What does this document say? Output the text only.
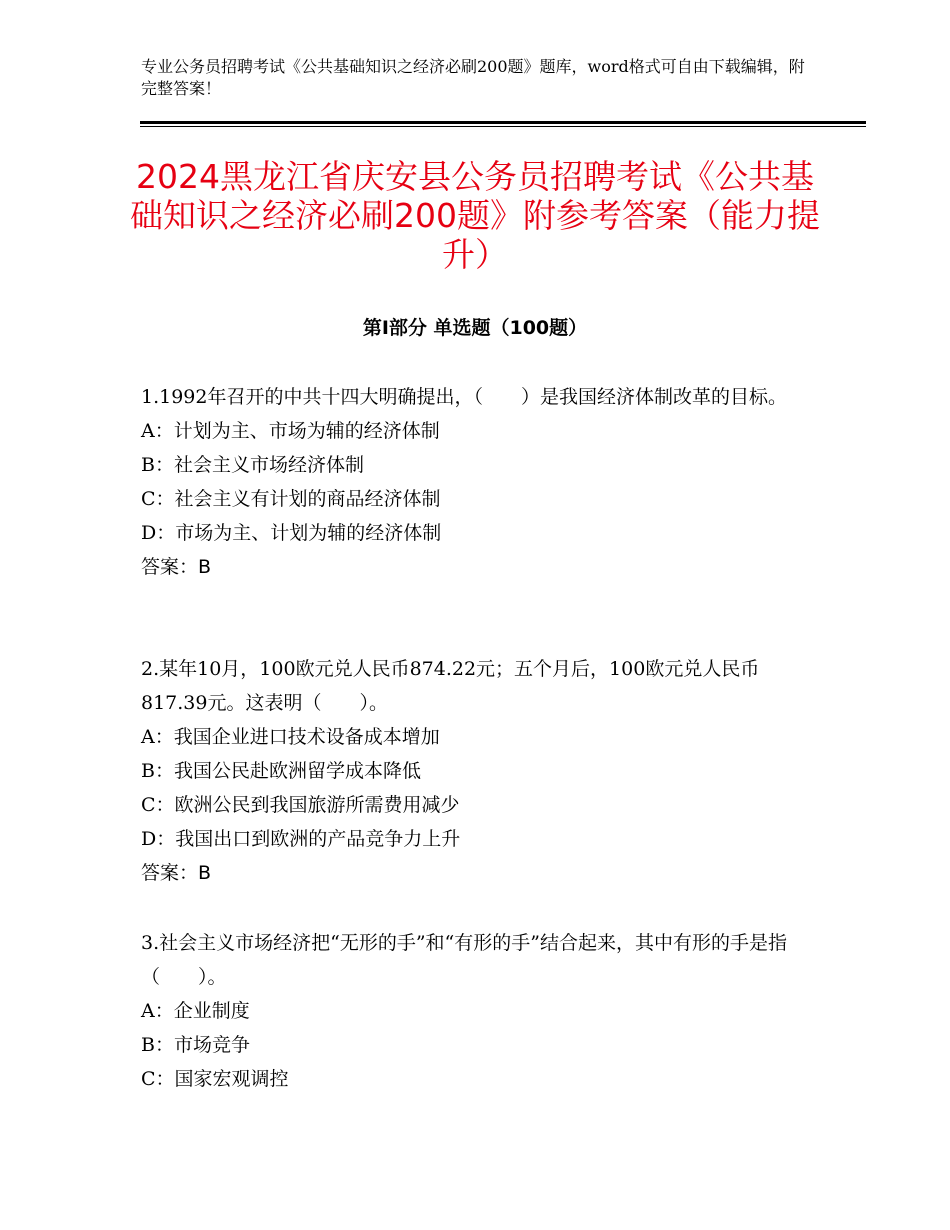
专业公务员招聘考试《公共基础知识之经济必刷200题》题库，word格式可自由下载编辑，附完整答案！
2024黑龙江省庆安县公务员招聘考试《公共基础知识之经济必刷200题》附参考答案（能力提升）
第I部分 单选题（100题）

1.1992年召开的中共十四大明确提出，（　　）是我国经济体制改革的目标。

A：计划为主、市场为辅的经济体制

B：社会主义市场经济体制

C：社会主义有计划的商品经济体制

D：市场为主、计划为辅的经济体制

答案：B

2.某年10月，100欧元兑人民币874.22元；五个月后，100欧元兑人民币817.39元。这表明（　　）。

A：我国企业进口技术设备成本增加

B：我国公民赴欧洲留学成本降低

C：欧洲公民到我国旅游所需费用减少

D：我国出口到欧洲的产品竞争力上升

答案：B

3.社会主义市场经济把“无形的手”和“有形的手”结合起来，其中有形的手是指（　　）。

A：企业制度

B：市场竞争

C：国家宏观调控
